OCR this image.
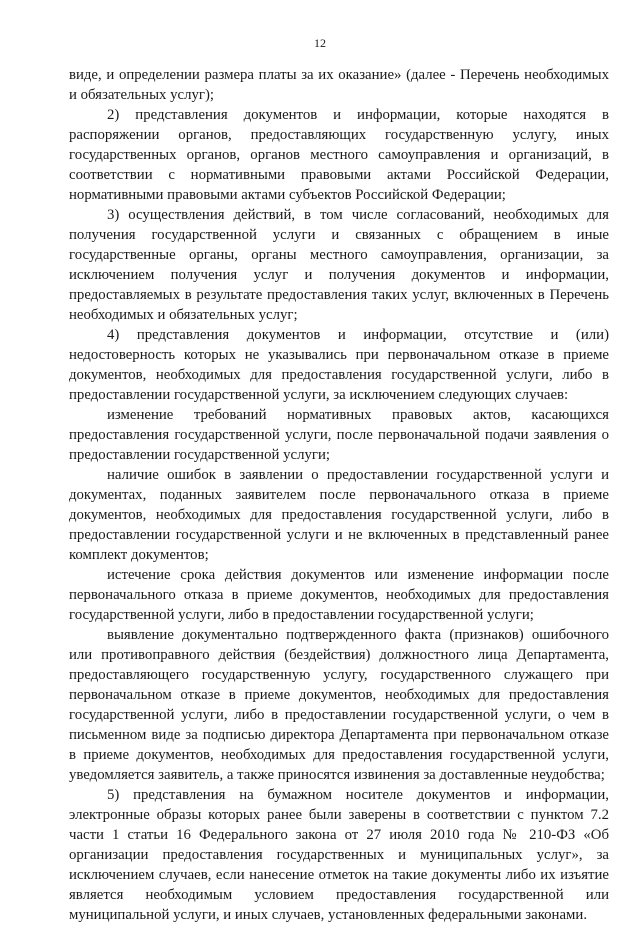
12

виде, и определении размера платы за их оказание» (далее - Перечень необходимых и обязательных услуг);

2) представления документов и информации, которые находятся в распоряжении органов, предоставляющих государственную услугу, иных государственных органов, органов местного самоуправления и организаций, в соответствии с нормативными правовыми актами Российской Федерации, нормативными правовыми актами субъектов Российской Федерации;

3) осуществления действий, в том числе согласований, необходимых для получения государственной услуги и связанных с обращением в иные государственные органы, органы местного самоуправления, организации, за исключением получения услуг и получения документов и информации, предоставляемых в результате предоставления таких услуг, включенных в Перечень необходимых и обязательных услуг;

4) представления документов и информации, отсутствие и (или) недостоверность которых не указывались при первоначальном отказе в приеме документов, необходимых для предоставления государственной услуги, либо в предоставлении государственной услуги, за исключением следующих случаев:

изменение требований нормативных правовых актов, касающихся предоставления государственной услуги, после первоначальной подачи заявления о предоставлении государственной услуги;

наличие ошибок в заявлении о предоставлении государственной услуги и документах, поданных заявителем после первоначального отказа в приеме документов, необходимых для предоставления государственной услуги, либо в предоставлении государственной услуги и не включенных в представленный ранее комплект документов;

истечение срока действия документов или изменение информации после первоначального отказа в приеме документов, необходимых для предоставления государственной услуги, либо в предоставлении государственной услуги;

выявление документально подтвержденного факта (признаков) ошибочного или противоправного действия (бездействия) должностного лица Департамента, предоставляющего государственную услугу, государственного служащего при первоначальном отказе в приеме документов, необходимых для предоставления государственной услуги, либо в предоставлении государственной услуги, о чем в письменном виде за подписью директора Департамента при первоначальном отказе в приеме документов, необходимых для предоставления государственной услуги, уведомляется заявитель, а также приносятся извинения за доставленные неудобства;

5) представления на бумажном носителе документов и информации, электронные образы которых ранее были заверены в соответствии с пунктом 7.2 части 1 статьи 16 Федерального закона от 27 июля 2010 года № 210-ФЗ «Об организации предоставления государственных и муниципальных услуг», за исключением случаев, если нанесение отметок на такие документы либо их изъятие является необходимым условием предоставления государственной или муниципальной услуги, и иных случаев, установленных федеральными законами.
